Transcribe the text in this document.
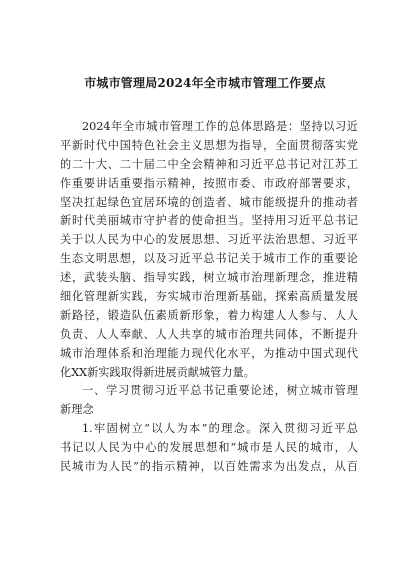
市城市管理局2024年全市城市管理工作要点
2024年全市城市管理工作的总体思路是：坚持以习近
平新时代中国特色社会主义思想为指导，全面贯彻落实党
的二十大、二十届二中全会精神和习近平总书记对江苏工
作重要讲话重要指示精神，按照市委、市政府部署要求，
坚决扛起绿色宜居环境的创造者、城市能级提升的推动者
新时代美丽城市守护者的使命担当。坚持用习近平总书记
关于以人民为中心的发展思想、习近平法治思想、习近平
生态文明思想，以及习近平总书记关于城市工作的重要论
述，武装头脑、指导实践，树立城市治理新理念，推进精
细化管理新实践，夯实城市治理新基础，探索高质量发展
新路径，锻造队伍素质新形象，着力构建人人参与、人人
负责、人人奉献、人人共享的城市治理共同体，不断提升
城市治理体系和治理能力现代化水平，为推动中国式现代
化XX新实践取得新进展贡献城管力量。
一、学习贯彻习近平总书记重要论述，树立城市管理
新理念
1.牢固树立“以人为本”的理念。深入贯彻习近平总
书记以人民为中心的发展思想和“城市是人民的城市，人
民城市为人民”的指示精神，以百姓需求为出发点，从百
